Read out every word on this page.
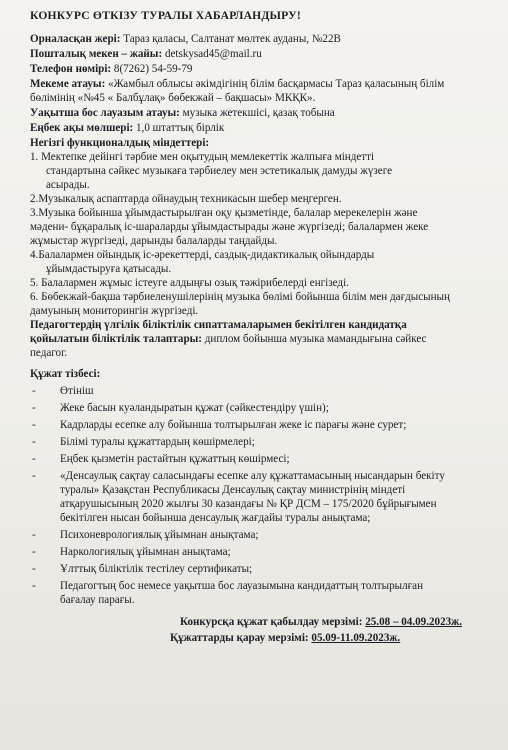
КОНКУРС ӨТКІЗУ ТУРАЛЫ ХАБАРЛАНДЫРУ!
Орналасқан жері: Тараз қаласы, Салтанат мөлтек ауданы, №22В
Пошталық мекен – жайы: detskysad45@mail.ru
Телефон нөмірі: 8(7262) 54-59-79
Мекеме атауы: «Жамбыл облысы әкімдігінің білім басқармасы Тараз қаласының білім
бөлімінің «№45 « Балбұлақ» бөбекжай – бақшасы» МКҚК».
Уақытша бос лауазым атауы: музыка жетекшісі, қазақ тобына
Еңбек ақы мөлшері: 1,0 штаттық бірлік
Негізгі функционалдық міндеттері:
1. Мектепке дейінгі тәрбие мен оқытудың мемлекеттік жалпыға міндетті
стандартына сәйкес музыкаға тәрбиелеу мен эстетикалық дамуды жүзеге
асырады.
2.Музыкалық аспаптарда ойнаудың техникасын шебер меңгерген.
3.Музыка бойынша ұйымдастырылған оқу қызметінде, балалар мерекелерін және
мәдени- бұқаралық іс-шараларды ұйымдастырады және жүргізеді; балалармен жеке
жұмыстар жүргізеді, дарынды балаларды таңдайды.
4.Балалармен ойындық іс-әрекеттерді, саздық-дидактикалық ойындарды
ұйымдастыруға қатысады.
5. Балалармен жұмыс істеуге алдыңғы озық тәжірибелерді енгізеді.
6. Бөбекжай-бақша тәрбиеленушілерінің музыка бөлімі бойынша білім мен дағдысының
дамуының мониторингін жүргізеді.
Педагогтердің үлгілік біліктілік сипаттамаларымен бекітілген кандидатқа
қойылатын біліктілік талаптары: диплом бойынша музыка мамандығына сәйкес
педагог.
Құжат тізбесі:
- Өтініш
- Жеке басын куәландыратын құжат (сәйкестендіру үшін);
- Кадрларды есепке алу бойынша толтырылған жеке іс парағы және сурет;
- Білімі туралы құжаттардың көшірмелері;
- Еңбек қызметін растайтын құжаттың көшірмесі;
- «Денсаулық сақтау саласындағы есепке алу құжаттамасының нысандарын бекіту
туралы» Қазақстан Республикасы Денсаулық сақтау министрінің міндеті
атқарушысының 2020 жылғы 30 казандағы № ҚР ДСМ – 175/2020 бұйрығымен
бекітілген нысан бойынша денсаулық жағдайы туралы анықтама;
- Психоневрологиялық ұйымнан анықтама;
- Наркологиялық ұйымнан анықтама;
- Ұлттық біліктілік тестілеу сертификаты;
- Педагогтың бос немесе уақытша бос лауазымына кандидаттың толтырылған
бағалау парағы.
Конкурсқа құжат қабылдау мерзімі: 25.08 – 04.09.2023ж.
Құжаттарды қарау мерзімі: 05.09-11.09.2023ж.
